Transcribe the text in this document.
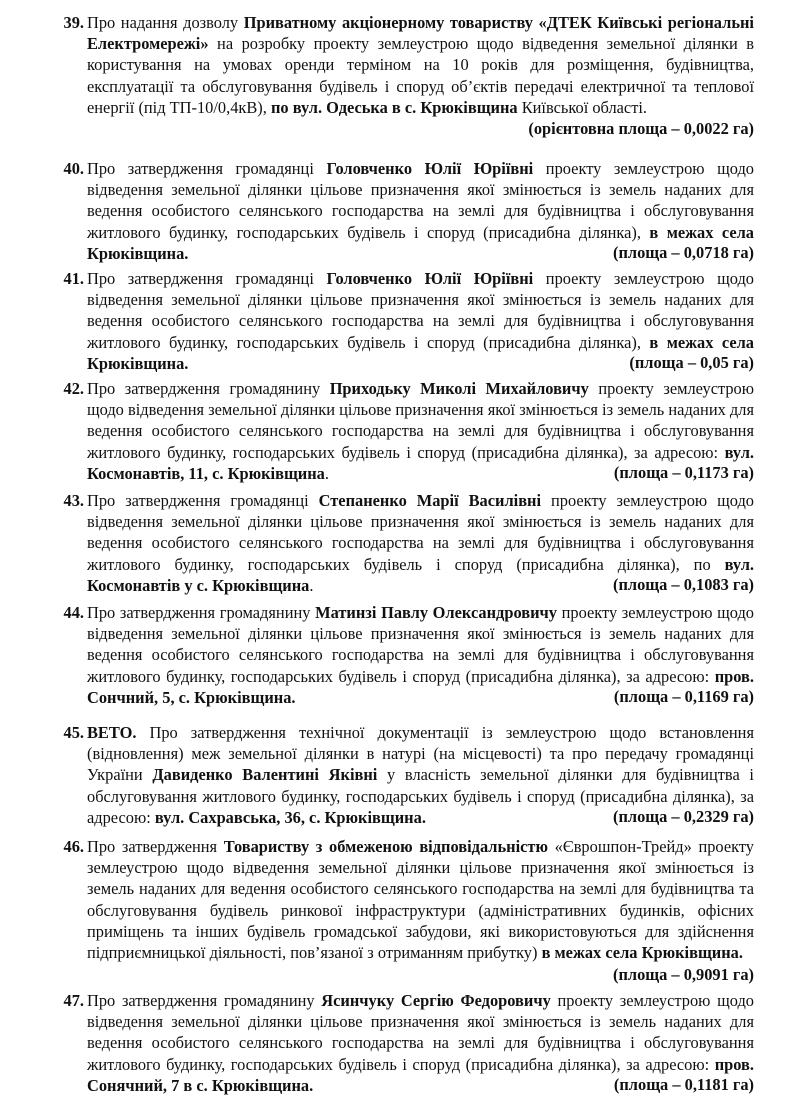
39. Про надання дозволу Приватному акціонерному товариству «ДТЕК Київські регіональні Електромережі» на розробку проекту землеустрою щодо відведення земельної ділянки в користування на умовах оренди терміном на 10 років для розміщення, будівництва, експлуатації та обслуговування будівель і споруд об’єктів передачі електричної та теплової енергії (під ТП-10/0,4кВ), по вул. Одеська в с. Крюківщина Київської області.
(орієнтовна площа – 0,0022 га)
40. Про затвердження громадянці Головченко Юлії Юріївні проекту землеустрою щодо відведення земельної ділянки цільове призначення якої змінюється із земель наданих для ведення особистого селянського господарства на землі для будівництва і обслуговування житлового будинку, господарських будівель і споруд (присадибна ділянка), в межах села Крюківщина.	(площа – 0,0718 га)
41. Про затвердження громадянці Головченко Юлії Юріївні проекту землеустрою щодо відведення земельної ділянки цільове призначення якої змінюється із земель наданих для ведення особистого селянського господарства на землі для будівництва і обслуговування житлового будинку, господарських будівель і споруд (присадибна ділянка), в межах села Крюківщина.	(площа – 0,05 га)
42. Про затвердження громадянину Приходьку Миколі Михайловичу проекту землеустрою щодо відведення земельної ділянки цільове призначення якої змінюється із земель наданих для ведення особистого селянського господарства на землі для будівництва і обслуговування житлового будинку, господарських будівель і споруд (присадибна ділянка), за адресою: вул. Космонавтів, 11, с. Крюківщина.	(площа – 0,1173 га)
43. Про затвердження громадянці Степаненко Марії Василівні проекту землеустрою щодо відведення земельної ділянки цільове призначення якої змінюється із земель наданих для ведення особистого селянського господарства на землі для будівництва і обслуговування житлового будинку, господарських будівель і споруд (присадибна ділянка), по вул. Космонавтів у с. Крюківщина.	(площа – 0,1083 га)
44. Про затвердження громадянину Матинзі Павлу Олександровичу проекту землеустрою щодо відведення земельної ділянки цільове призначення якої змінюється із земель наданих для ведення особистого селянського господарства на землі для будівництва і обслуговування житлового будинку, господарських будівель і споруд (присадибна ділянка), за адресою: пров. Сончний, 5, с. Крюківщина.	(площа – 0,1169 га)
45. ВЕТО. Про затвердження технічної документації із землеустрою щодо встановлення (відновлення) меж земельної ділянки в натурі (на місцевості) та про передачу громадянці України Давиденко Валентині Яківні у власність земельної ділянки для будівництва і обслуговування житлового будинку, господарських будівель і споруд (присадибна ділянка), за адресою: вул. Сахравська, 36, с. Крюківщина.	(площа – 0,2329 га)
46. Про затвердження Товариству з обмеженою відповідальністю «Єврошпон-Трейд» проекту землеустрою щодо відведення земельної ділянки цільове призначення якої змінюється із земель наданих для ведення особистого селянського господарства на землі для будівництва та обслуговування будівель ринкової інфраструктури (адміністративних будинків, офісних приміщень та інших будівель громадської забудови, які використовуються для здійснення підприємницької діяльності, пов’язаної з отриманням прибутку) в межах села Крюківщина.
(площа – 0,9091 га)
47. Про затвердження громадянину Ясинчуку Сергію Федоровичу проекту землеустрою щодо відведення земельної ділянки цільове призначення якої змінюється із земель наданих для ведення особистого селянського господарства на землі для будівництва і обслуговування житлового будинку, господарських будівель і споруд (присадибна ділянка), за адресою: пров. Сонячний, 7 в с. Крюківщина.	(площа – 0,1181 га)
